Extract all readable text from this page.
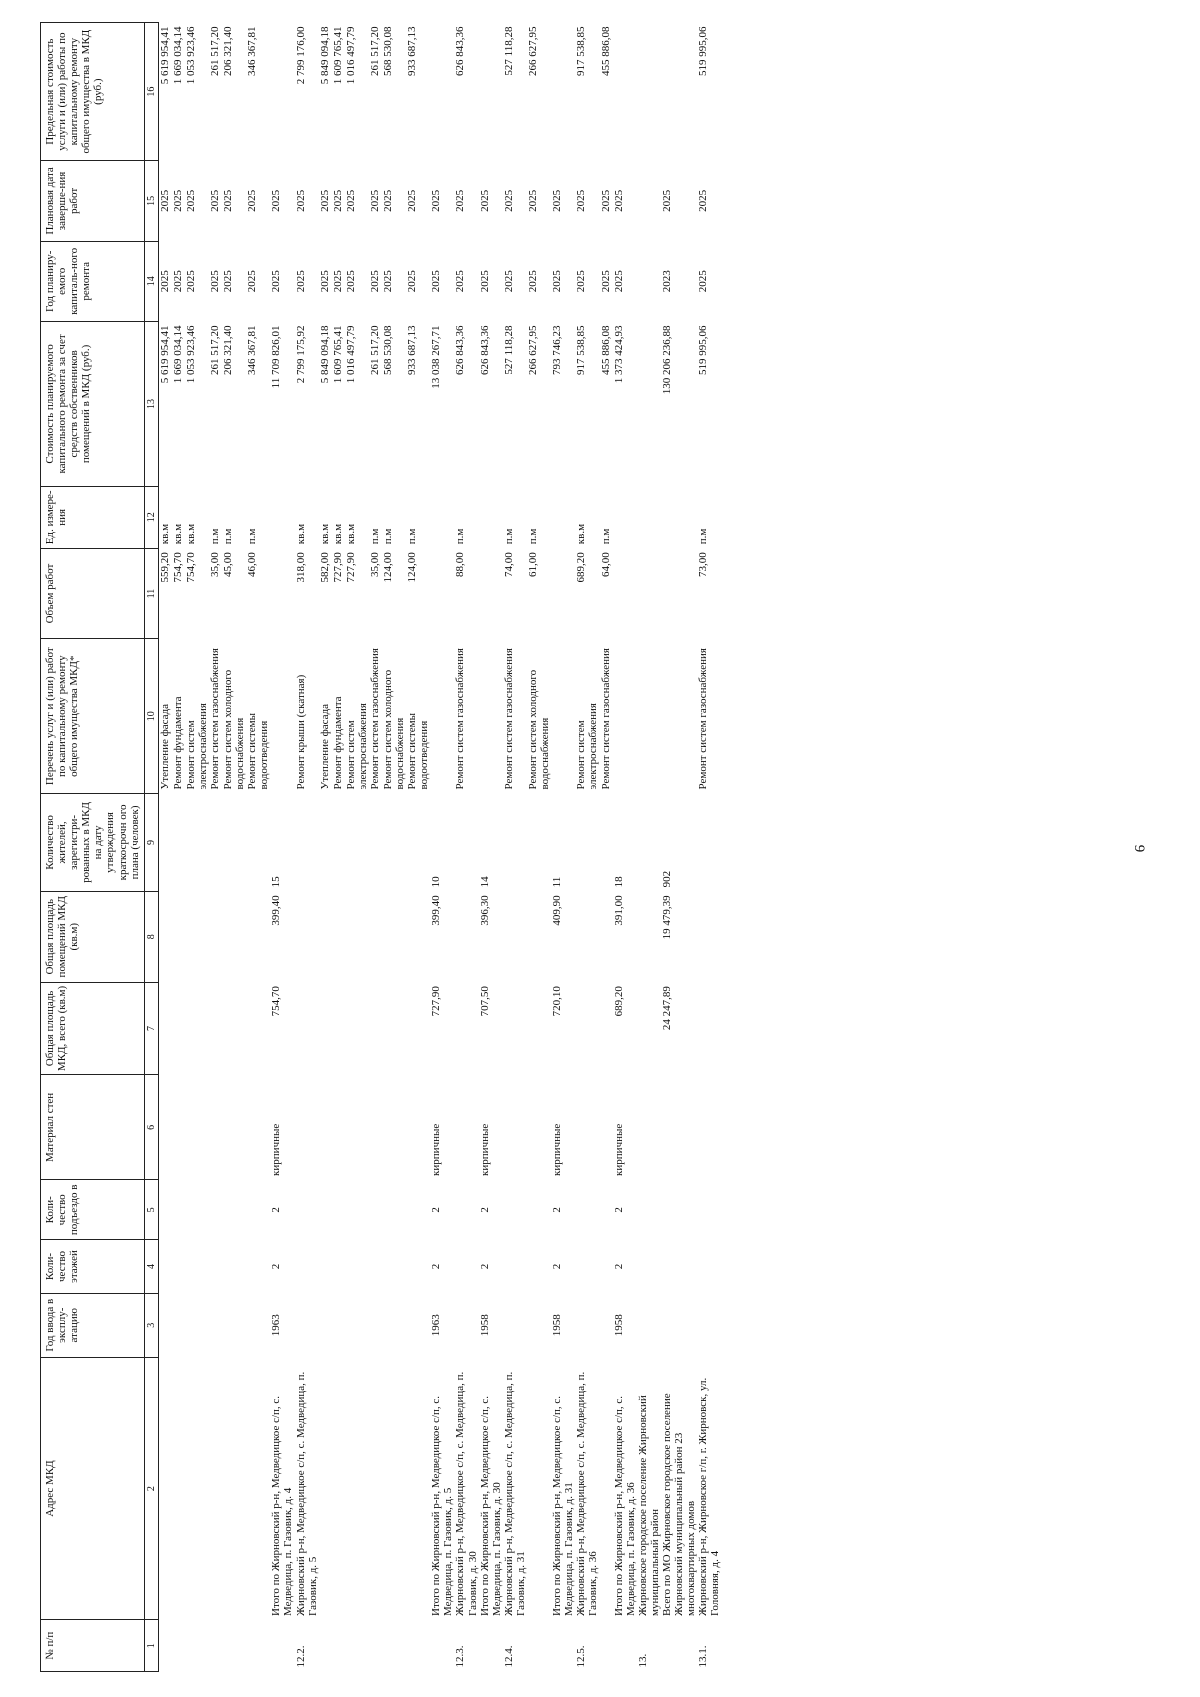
9
№ п/п	Адрес МКД	Год ввода в эксплу-атацию	Коли-чество этажей	Коли-чество подъездо в	Материал стен	Общая площадь МКД, всего (кв.м)	Общая площадь помещений МКД (кв.м)	Количество жителей, зарегистри-рованных в МКД на дату утверждения краткосрочн ого плана (человек)	Перечень услуг и (или) работ по капитальному ремонту общего имущества МКД*	Объем работ	Ед. измере-ния	Стоимость планируемого капитального ремонта за счет средств собственников помещений в МКД (руб.)	Год планиру-емого капиталь-ного ремонта	Плановая дата заверше-ния работ	Предельная стоимость услуги и (или) работы по капитальному ремонту общего имущества в МКД (руб.)
1	2	3	4	5	6	7	8	9	10	11	12	13	14	15	16
									Утепление фасада	559,20	кв.м	5 619 954,41	2025	2025	5 619 954,41
									Ремонт фундамента	754,70	кв.м	1 669 034,14	2025	2025	1 669 034,14
									Ремонт систем электроснабжения	754,70	кв.м	1 053 923,46	2025	2025	1 053 923,46
									Ремонт систем газоснабжения	35,00	п.м	261 517,20	2025	2025	261 517,20
									Ремонт систем холодного водоснабжения	45,00	п.м	206 321,40	2025	2025	206 321,40
									Ремонт системы водоотведения	46,00	п.м	346 367,81	2025	2025	346 367,81
	Итого по Жирновский р-н, Медведицкое с/п, с. Медведица, п. Газовик, д. 4	1963	2	2	кирпичные	754,70	399,40	15				11 709 826,01	2025	2025	
12.2.	Жирновский р-н, Медведицкое с/п, с. Медведица, п. Газовик, д. 5								Ремонт крыши (скатная)	318,00	кв.м	2 799 175,92	2025	2025	2 799 176,00
									Утепление фасада	582,00	кв.м	5 849 094,18	2025	2025	5 849 094,18
									Ремонт фундамента	727,90	кв.м	1 609 765,41	2025	2025	1 609 765,41
									Ремонт систем электроснабжения	727,90	кв.м	1 016 497,79	2025	2025	1 016 497,79
									Ремонт систем газоснабжения	35,00	п.м	261 517,20	2025	2025	261 517,20
									Ремонт систем холодного водоснабжения	124,00	п.м	568 530,08	2025	2025	568 530,08
									Ремонт системы водоотведения	124,00	п.м	933 687,13	2025	2025	933 687,13
	Итого по Жирновский р-н, Медведицкое с/п, с. Медведица, п. Газовик, д. 5	1963	2	2	кирпичные	727,90	399,40	10				13 038 267,71	2025	2025	
12.3.	Жирновский р-н, Медведицкое с/п, с. Медведица, п. Газовик, д. 30								Ремонт систем газоснабжения	88,00	п.м	626 843,36	2025	2025	626 843,36
	Итого по Жирновский р-н, Медведицкое с/п, с. Медведица, п. Газовик, д. 30	1958	2	2	кирпичные	707,50	396,30	14				626 843,36	2025	2025	
12.4.	Жирновский р-н, Медведицкое с/п, с. Медведица, п. Газовик, д. 31								Ремонт систем газоснабжения	74,00	п.м	527 118,28	2025	2025	527 118,28
									Ремонт систем холодного водоснабжения	61,00	п.м	266 627,95	2025	2025	266 627,95
	Итого по Жирновский р-н, Медведицкое с/п, с. Медведица, п. Газовик, д. 31	1958	2	2	кирпичные	720,10	409,90	11				793 746,23	2025	2025	
12.5.	Жирновский р-н, Медведицкое с/п, с. Медведица, п. Газовик, д. 36								Ремонт систем электроснабжения	689,20	кв.м	917 538,85	2025	2025	917 538,85
									Ремонт систем газоснабжения	64,00	п.м	455 886,08	2025	2025	455 886,08
	Итого по Жирновский р-н, Медведицкое с/п, с. Медведица, п. Газовик, д. 36	1958	2	2	кирпичные	689,20	391,00	18				1 373 424,93	2025	2025	
13.	Жирновское городское поселение Жирновский муниципальный район														
	Всего по МО Жирновское городское поселение Жирновский муниципальный район 23 многоквартирных домов					24 247,89	19 479,39	902				130 206 236,88	2023	2025	
13.1.	Жирновский р-н, Жирновское г/п, г. Жирновск, ул. Головняя, д. 4								Ремонт систем газоснабжения	73,00	п.м	519 995,06	2025	2025	519 995,06
